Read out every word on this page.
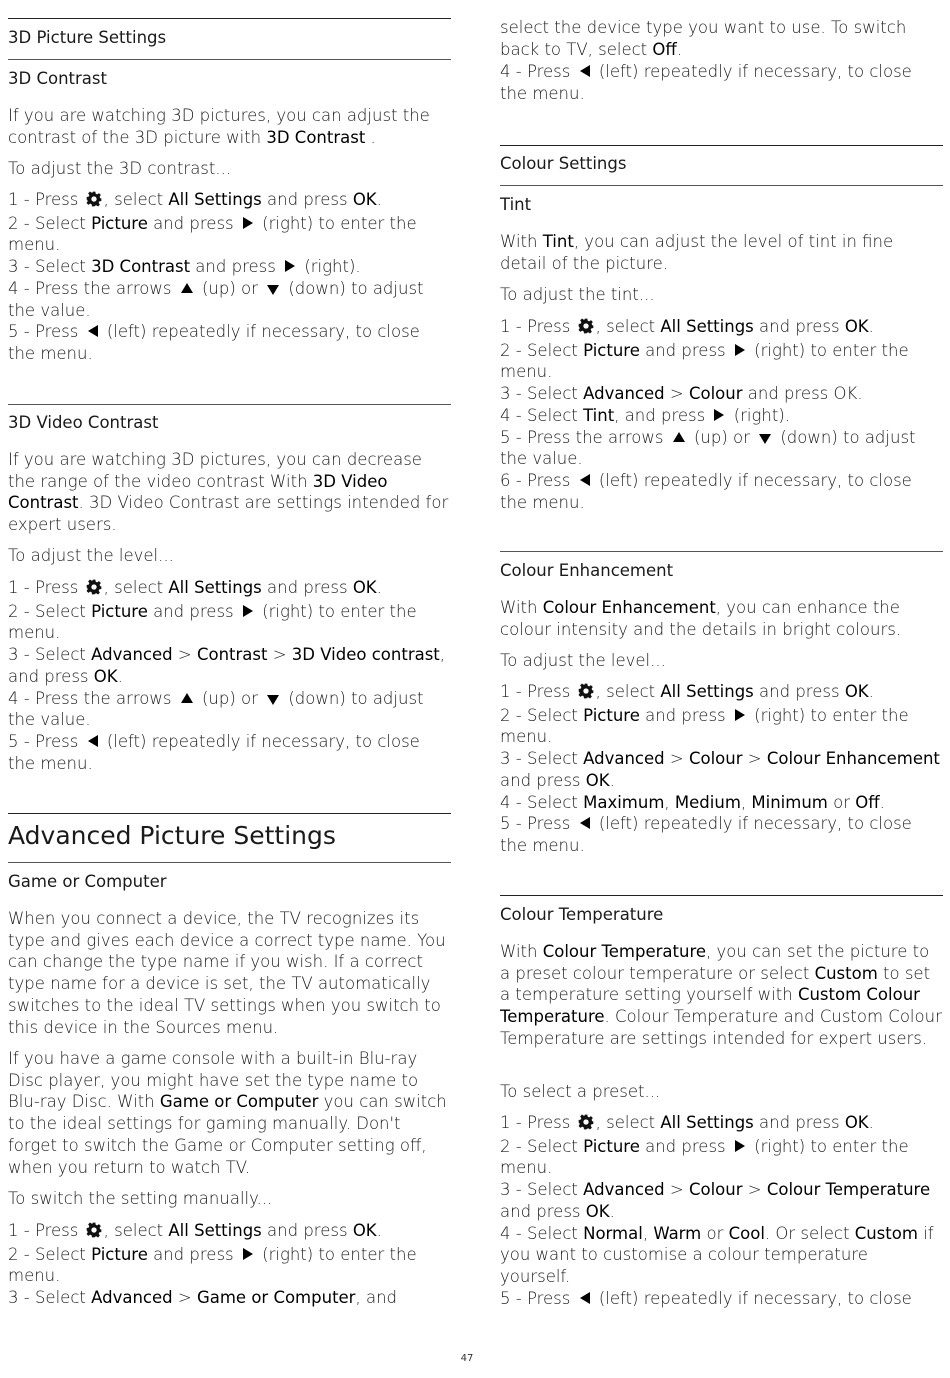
3D Picture Settings
3D Contrast
If you are watching 3D pictures, you can adjust the contrast of the 3D picture with 3D Contrast .
To adjust the 3D contrast...
1 - Press , select All Settings and press OK.
2 - Select Picture and press  (right) to enter the menu.
3 - Select 3D Contrast and press  (right).
4 - Press the arrows  (up) or  (down) to adjust the value.
5 - Press  (left) repeatedly if necessary, to close the menu.
3D Video Contrast
If you are watching 3D pictures, you can decrease the range of the video contrast With 3D Video Contrast. 3D Video Contrast are settings intended for expert users.
To adjust the level...
1 - Press , select All Settings and press OK.
2 - Select Picture and press  (right) to enter the menu.
3 - Select Advanced > Contrast > 3D Video contrast, and press OK.
4 - Press the arrows  (up) or  (down) to adjust the value.
5 - Press  (left) repeatedly if necessary, to close the menu.
Advanced Picture Settings
Game or Computer
When you connect a device, the TV recognizes its type and gives each device a correct type name. You can change the type name if you wish. If a correct type name for a device is set, the TV automatically switches to the ideal TV settings when you switch to this device in the Sources menu.
If you have a game console with a built-in Blu-ray Disc player, you might have set the type name to Blu-ray Disc. With Game or Computer you can switch to the ideal settings for gaming manually. Don't forget to switch the Game or Computer setting off, when you return to watch TV.
To switch the setting manually...
1 - Press , select All Settings and press OK.
2 - Select Picture and press  (right) to enter the menu.
3 - Select Advanced > Game or Computer, and
select the device type you want to use. To switch back to TV, select Off.
4 - Press  (left) repeatedly if necessary, to close the menu.
Colour Settings
Tint
With Tint, you can adjust the level of tint in fine detail of the picture.
To adjust the tint...
1 - Press , select All Settings and press OK.
2 - Select Picture and press  (right) to enter the menu.
3 - Select Advanced > Colour and press OK.
4 - Select Tint, and press  (right).
5 - Press the arrows  (up) or  (down) to adjust the value.
6 - Press  (left) repeatedly if necessary, to close the menu.
Colour Enhancement
With Colour Enhancement, you can enhance the colour intensity and the details in bright colours.
To adjust the level...
1 - Press , select All Settings and press OK.
2 - Select Picture and press  (right) to enter the menu.
3 - Select Advanced > Colour > Colour Enhancement and press OK.
4 - Select Maximum, Medium, Minimum or Off.
5 - Press  (left) repeatedly if necessary, to close the menu.
Colour Temperature
With Colour Temperature, you can set the picture to a preset colour temperature or select Custom to set a temperature setting yourself with Custom Colour Temperature. Colour Temperature and Custom Colour Temperature are settings intended for expert users.
To select a preset...
1 - Press , select All Settings and press OK.
2 - Select Picture and press  (right) to enter the menu.
3 - Select Advanced > Colour > Colour Temperature and press OK.
4 - Select Normal, Warm or Cool. Or select Custom if you want to customise a colour temperature yourself.
5 - Press  (left) repeatedly if necessary, to close
47
